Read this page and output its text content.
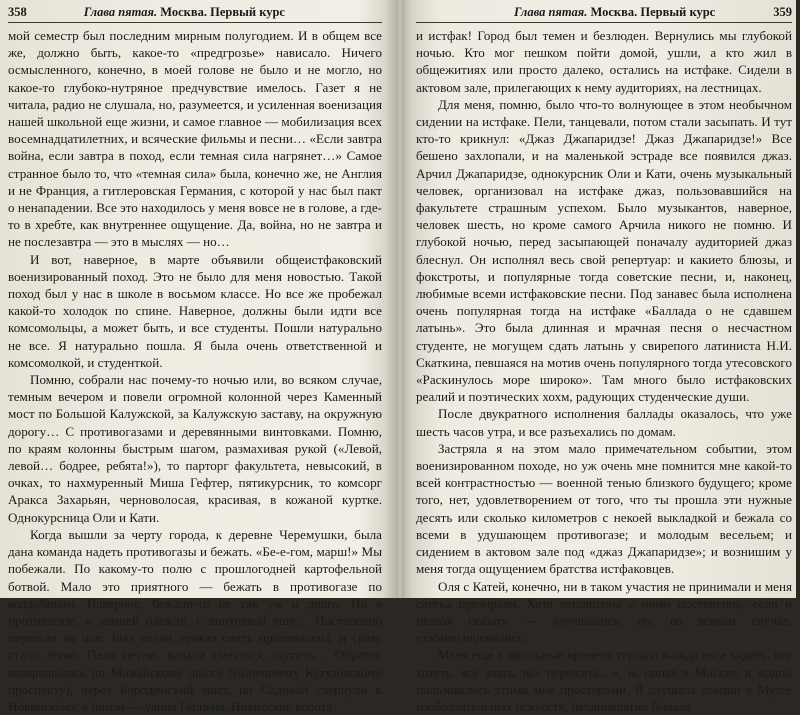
358	Глава пятая. Москва. Первый курс

мой семестр был последним мирным полугодием. И в общем все же, должно быть, какое-то «предгрозье» нависало. Ничего осмысленного, конечно, в моей голове не было и не могло, но какое-то глубоко-нутряное предчувствие имелось. Газет я не читала, радио не слушала, но, разумеется, и усиленная военизация нашей школьной еще жизни, и самое главное — мобилизация всех восемнадцатилетних, и всяческие фильмы и песни… «Если завтра война, если завтра в поход, если темная сила нагрянет…» Самое странное было то, что «темная сила» была, конечно же, не Англия и не Франция, а гитлеровская Германия, с которой у нас был пакт о ненападении. Все это находилось у меня вовсе не в голове, а где-то в хребте, как внутреннее ощущение. Да, война, но не завтра и не послезавтра — это в мыслях — но…

И вот, наверное, в марте объявили общеистфаковский военизированный поход. Это не было для меня новостью. Такой поход был у нас в школе в восьмом классе. Но все же пробежал какой-то холодок по спине. Наверное, должны были идти все комсомольцы, а может быть, и все студенты. Пошли натурально не все. Я натурально пошла. Я была очень ответственной и комсомолкой, и студенткой.

Помню, собрали нас почему-то ночью или, во всяком случае, темным вечером и повели огромной колонной через Каменный мост по Большой Калужской, за Калужскую заставу, на окружную дорогу… С противогазами и деревянными винтовками. Помню, по краям колонны быстрым шагом, размахивая рукой («Левой, левой… бодрее, ребята!»), то парторг факультета, невысокий, в очках, то нахмуренный Миша Гефтер, пятикурсник, то комсорг Аракса Захарьян, черноволосая, красивая, в кожаной куртке. Однокурсница Оли и Кати.

Когда вышли за черту города, к деревне Черемушки, была дана команда надеть противогазы и бежать. «Бе-е-гом, марш!» Мы побежали. По какому-то полю с прошлогодней картофельной ботвой. Мало это приятного — бежать в противогазе по колдобинам. Наверное, бежали-то не так уж и долго. Но в противогазе, в зимней одежде, с винтовкой еще… Постепенно перешли на шаг. Был отдан приказ снять противогазы, и сразу стало легко. Пели песни, начали смеяться, шутить… Обратно возвращались по Можайскому шоссе (нынешнему Кутузовскому проспекту), через Бородинский мост, по Садовой свернули к Новинскому, а потом — улица Герцена, Никитские ворота

Глава пятая. Москва. Первый курс	359

и истфак! Город был темен и безлюден. Вернулись мы глубокой ночью. Кто мог пешком пойти домой, ушли, а кто жил в общежитиях или просто далеко, остались на истфаке. Сидели в актовом зале, прилегающих к нему аудиториях, на лестницах.

Для меня, помню, было что-то волнующее в этом необычном сидении на истфаке. Пели, танцевали, потом стали засыпать. И тут кто-то крикнул: «Джаз Джапаридзе! Джаз Джапаридзе!» Все бешено захлопали, и на маленькой эстраде все появился джаз. Арчил Джапаридзе, однокурсник Оли и Кати, очень музыкальный человек, организовал на истфаке джаз, пользовавшийся на факультете страшным успехом. Было музыкантов, наверное, человек шесть, но кроме самого Арчила никого не помню. И глубокой ночью, перед засыпающей поначалу аудиторией джаз блеснул. Он исполнял весь свой репертуар: и какието блюзы, и фокстроты, и популярные тогда советские песни, и, наконец, любимые всеми истфаковские песни. Под занавес была исполнена очень популярная тогда на истфаке «Баллада о не сдавшем латынь». Это была длинная и мрачная песня о несчастном студенте, не могущем сдать латынь у свирепого латиниста Н.И. Скаткина, певшаяся на мотив очень популярного тогда утесовского «Раскинулось море широко». Там много было истфаковских реалий и поэтических хохм, радующих студенческие души.

После двукратного исполнения баллады оказалось, что уже шесть часов утра, и все разъехались по домам.

Застряла я на этом мало примечательном событии, этом военизированном походе, но уж очень мне помнится мне какой-то всей контрастностью — военной тенью близкого будущего; кроме того, нет, удовлетворением от того, что ты прошла эти нужные десять или сколько километров с некоей выкладкой и бежала со всеми в удушающем противогазе; и молодым весельем; и сидением в актовом зале под «джаз Джапаридзе»; и вознишим у меня тогда ощущением братства истфаковцев.

Оля с Катей, конечно, ни в таком участия не принимали и меня слегка презирали. Хотя отношения с ними постепенно, если и нельзя сказать — улучшались, но, во всяком случае, стабилизировались.

Меня еще в школьные времена терзала жажда «все видеть, все хотеть, все знать, все пережить…», и, попав в Москву, я жадно пользовалась этими мне просторами. Я слушала лекции в Музее изобразительных искусств, неоднократно бывала
